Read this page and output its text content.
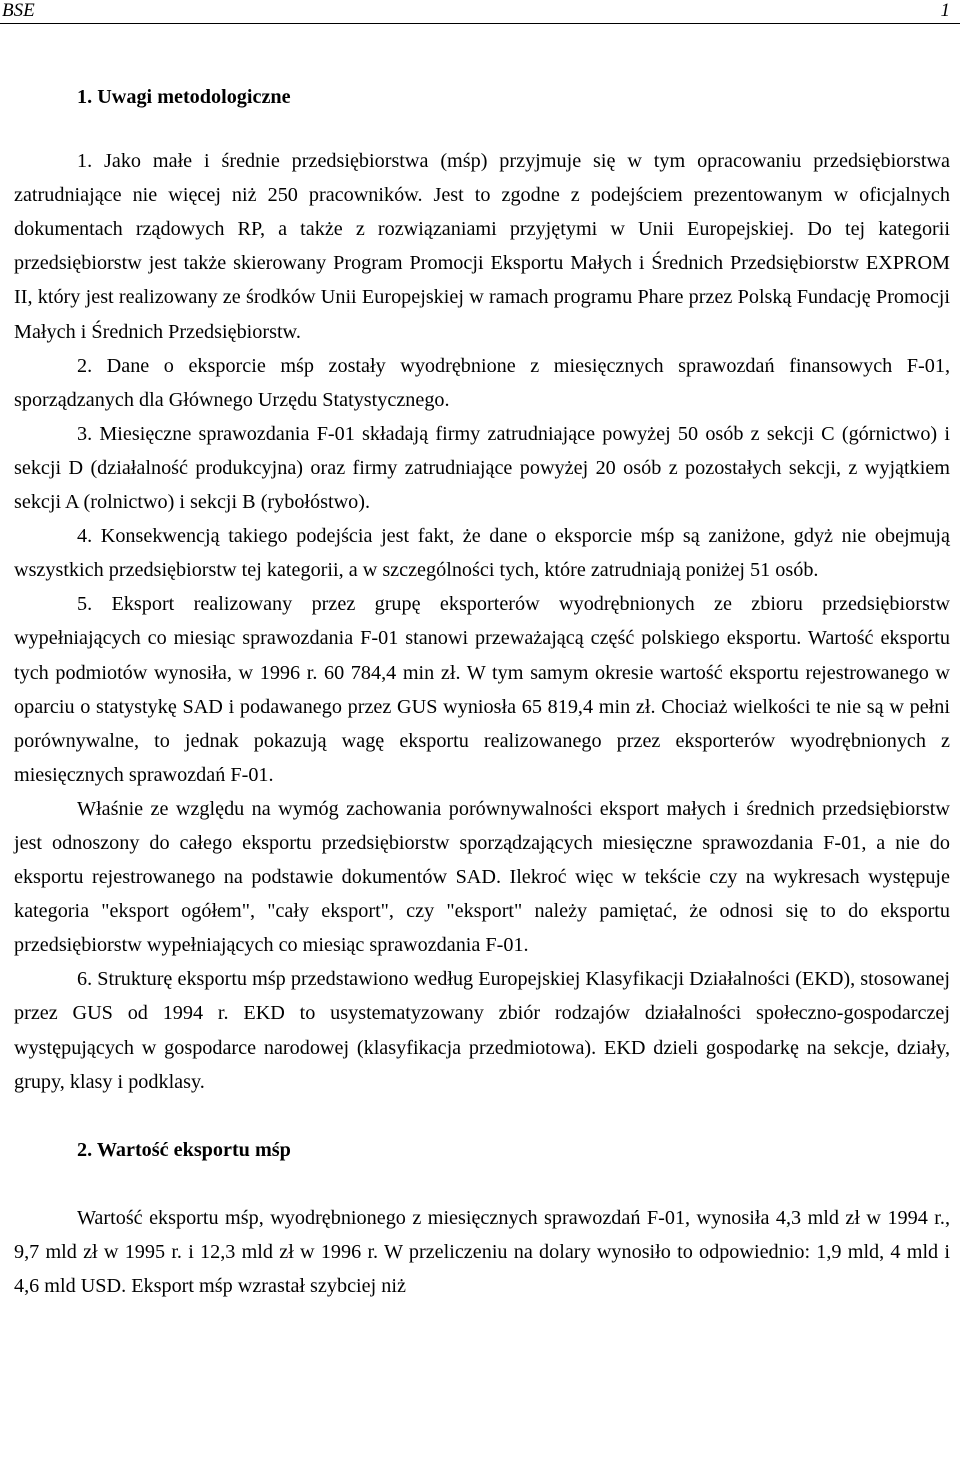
BSE	1
1. Uwagi metodologiczne
1. Jako małe i średnie przedsiębiorstwa (mśp) przyjmuje się w tym opracowaniu przedsiębiorstwa zatrudniające nie więcej niż 250 pracowników. Jest to zgodne z podejściem prezentowanym w oficjalnych dokumentach rządowych RP, a także z rozwiązaniami przyjętymi w Unii Europejskiej. Do tej kategorii przedsiębiorstw jest także skierowany Program Promocji Eksportu Małych i Średnich Przedsiębiorstw EXPROM II, który jest realizowany ze środków Unii Europejskiej w ramach programu Phare przez Polską Fundację Promocji Małych i Średnich Przedsiębiorstw.
2. Dane o eksporcie mśp zostały wyodrębnione z miesięcznych sprawozdań finansowych F-01, sporządzanych dla Głównego Urzędu Statystycznego.
3. Miesięczne sprawozdania F-01 składają firmy zatrudniające powyżej 50 osób z sekcji C (górnictwo) i sekcji D (działalność produkcyjna) oraz firmy zatrudniające powyżej 20 osób z pozostałych sekcji, z wyjątkiem sekcji A (rolnictwo) i sekcji B (rybołóstwo).
4. Konsekwencją takiego podejścia jest fakt, że dane o eksporcie mśp są zaniżone, gdyż nie obejmują wszystkich przedsiębiorstw tej kategorii, a w szczególności tych, które zatrudniają poniżej 51 osób.
5. Eksport realizowany przez grupę eksporterów wyodrębnionych ze zbioru przedsiębiorstw wypełniających co miesiąc sprawozdania F-01 stanowi przeważającą część polskiego eksportu. Wartość eksportu tych podmiotów wynosiła, w 1996 r. 60 784,4 min zł. W tym samym okresie wartość eksportu rejestrowanego w oparciu o statystykę SAD i podawanego przez GUS wyniosła 65 819,4 min zł. Chociaż wielkości te nie są w pełni porównywalne, to jednak pokazują wagę eksportu realizowanego przez eksporterów wyodrębnionych z miesięcznych sprawozdań F-01.
Właśnie ze względu na wymóg zachowania porównywalności eksport małych i średnich przedsiębiorstw jest odnoszony do całego eksportu przedsiębiorstw sporządzających miesięczne sprawozdania F-01, a nie do eksportu rejestrowanego na podstawie dokumentów SAD. Ilekroć więc w tekście czy na wykresach występuje kategoria "eksport ogółem", "cały eksport", czy "eksport" należy pamiętać, że odnosi się to do eksportu przedsiębiorstw wypełniających co miesiąc sprawozdania F-01.
6. Strukturę eksportu mśp przedstawiono według Europejskiej Klasyfikacji Działalności (EKD), stosowanej przez GUS od 1994 r. EKD to usystematyzowany zbiór rodzajów działalności społeczno-gospodarczej występujących w gospodarce narodowej (klasyfikacja przedmiotowa). EKD dzieli gospodarkę na sekcje, działy, grupy, klasy i podklasy.
2. Wartość eksportu mśp
Wartość eksportu mśp, wyodrębnionego z miesięcznych sprawozdań F-01, wynosiła 4,3 mld zł w 1994 r., 9,7 mld zł w 1995 r. i 12,3 mld zł w 1996 r. W przeliczeniu na dolary wynosiło to odpowiednio: 1,9 mld, 4 mld i 4,6 mld USD. Eksport mśp wzrastał szybciej niż
